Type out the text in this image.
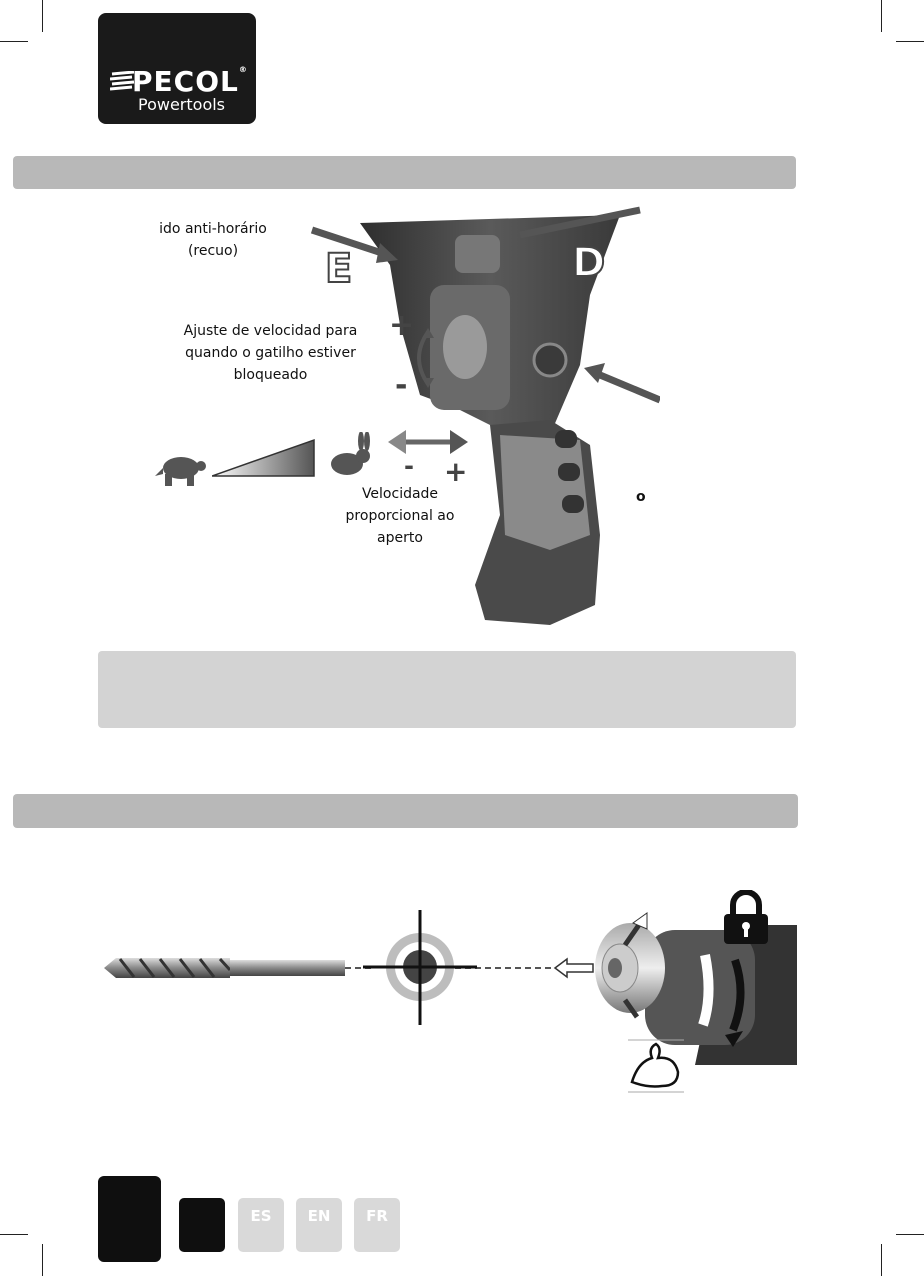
PECOL®
Powertools
E	D
ido anti-horário
(recuo)
Ajuste de velocidad para
quando o gatilho estiver
bloqueado
+
-
- +
Velocidade
proporcional ao
aperto
o
ES	EN	FR
